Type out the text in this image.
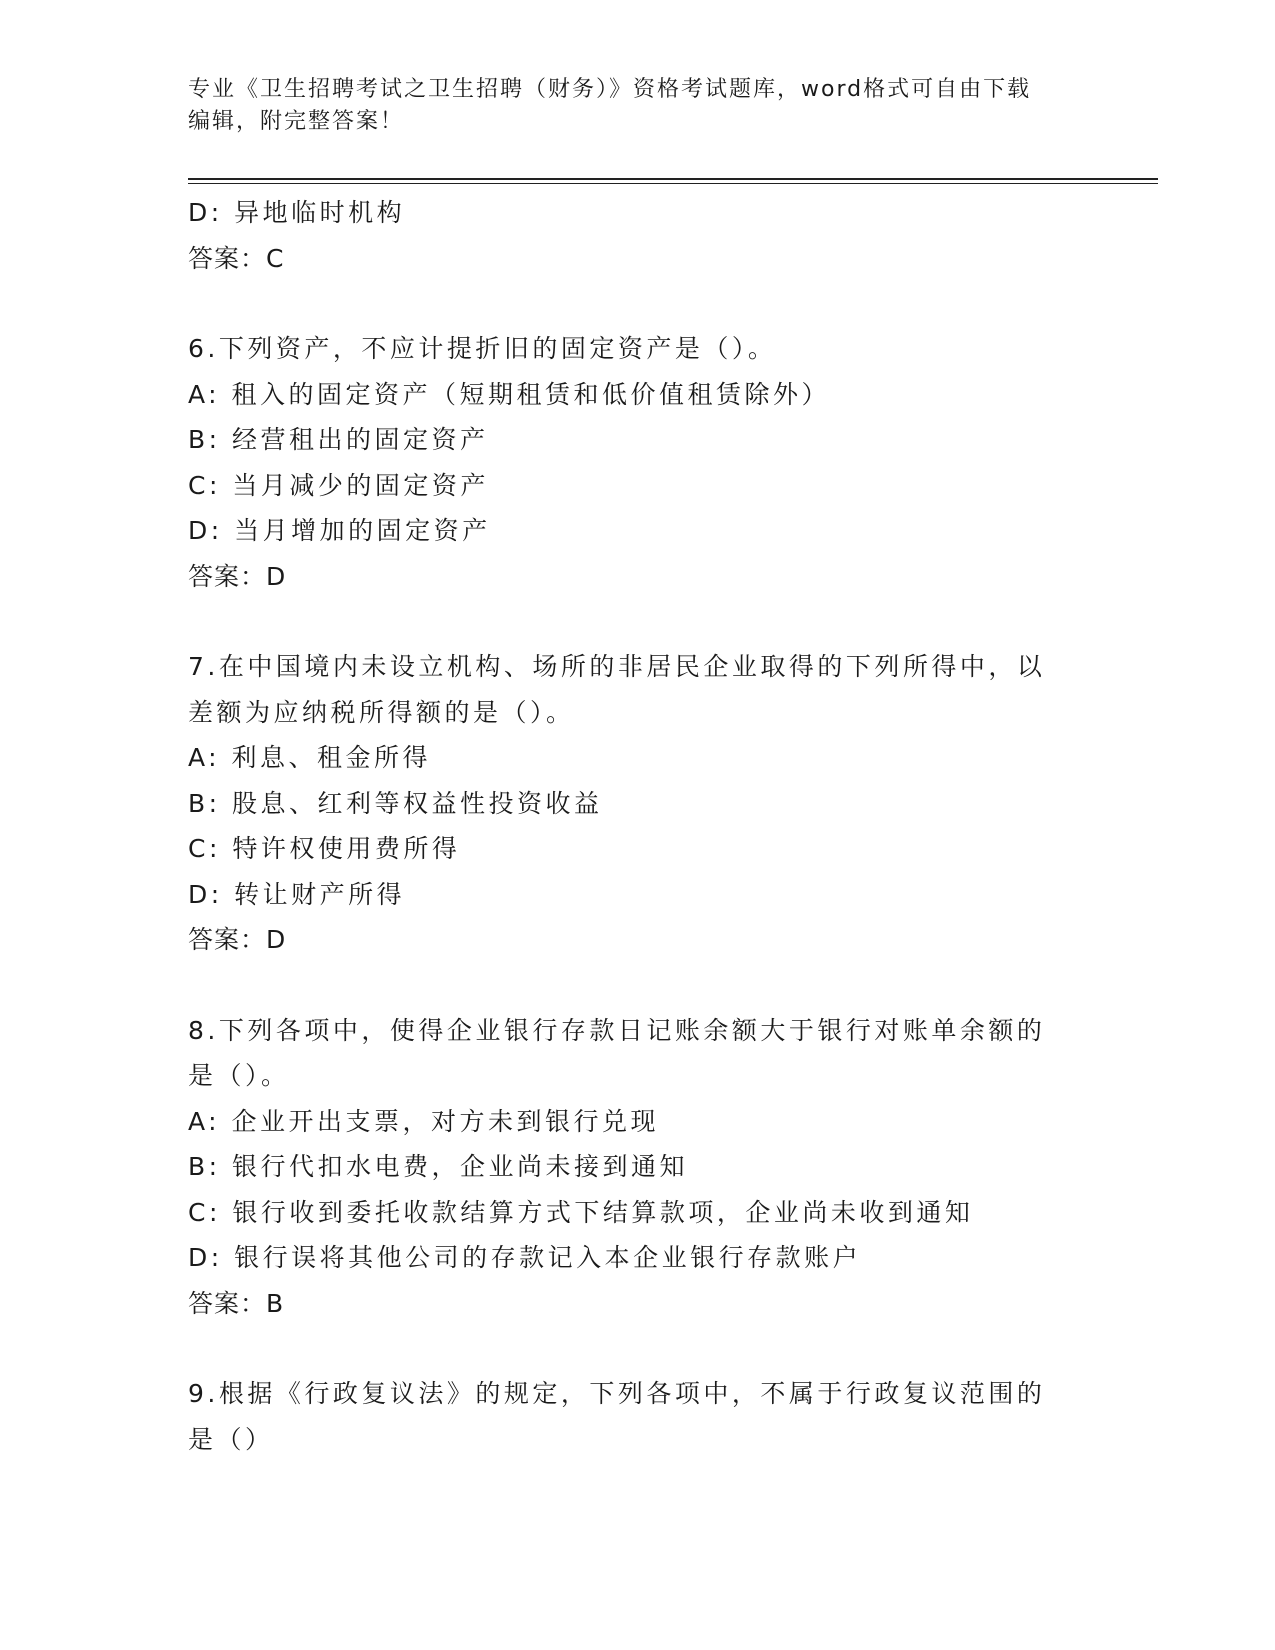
专业《卫生招聘考试之卫生招聘（财务）》资格考试题库，word格式可自由下载
编辑，附完整答案！
D: 异地临时机构
答案：C
6.下列资产，不应计提折旧的固定资产是（）。
A: 租入的固定资产（短期租赁和低价值租赁除外）
B: 经营租出的固定资产
C: 当月减少的固定资产
D: 当月增加的固定资产
答案：D
7.在中国境内未设立机构、场所的非居民企业取得的下列所得中，以
差额为应纳税所得额的是（）。
A: 利息、租金所得
B: 股息、红利等权益性投资收益
C: 特许权使用费所得
D: 转让财产所得
答案：D
8.下列各项中，使得企业银行存款日记账余额大于银行对账单余额的
是（）。
A: 企业开出支票，对方未到银行兑现
B: 银行代扣水电费，企业尚未接到通知
C: 银行收到委托收款结算方式下结算款项，企业尚未收到通知
D: 银行误将其他公司的存款记入本企业银行存款账户
答案：B
9.根据《行政复议法》的规定，下列各项中，不属于行政复议范围的
是（）
